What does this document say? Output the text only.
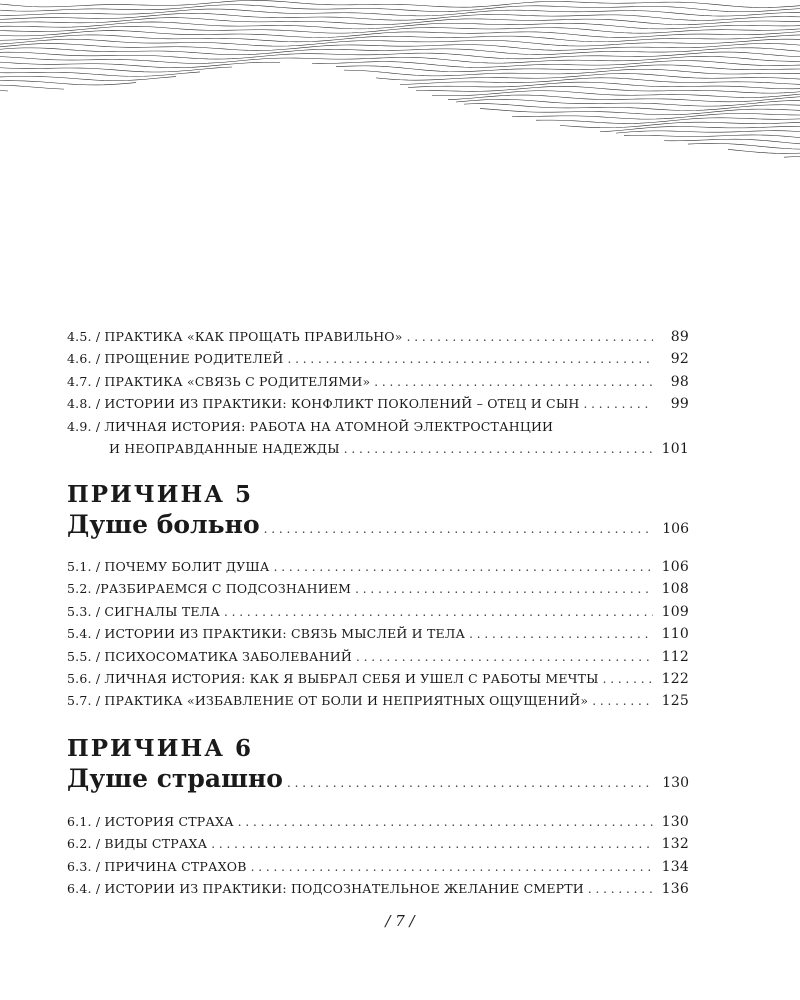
4.5. / ПРАКТИКА «КАК ПРОЩАТЬ ПРАВИЛЬНО» . . .	89
4.6. / ПРОЩЕНИЕ РОДИТЕЛЕЙ . . .	92
4.7. / ПРАКТИКА «СВЯЗЬ С РОДИТЕЛЯМИ» . . .	98
4.8. / ИСТОРИИ ИЗ ПРАКТИКИ: КОНФЛИКТ ПОКОЛЕНИЙ – ОТЕЦ И СЫН . . .	99
4.9. / ЛИЧНАЯ ИСТОРИЯ: РАБОТА НА АТОМНОЙ ЭЛЕКТРОСТАНЦИИ
И НЕОПРАВДАННЫЕ НАДЕЖДЫ . . .	101
ПРИЧИНА 5
Душе больно . . .	106
5.1. / ПОЧЕМУ БОЛИТ ДУША . . .	106
5.2. /РАЗБИРАЕМСЯ С ПОДСОЗНАНИЕМ . . .	108
5.3. / СИГНАЛЫ ТЕЛА . . .	109
5.4. / ИСТОРИИ ИЗ ПРАКТИКИ: СВЯЗЬ МЫСЛЕЙ И ТЕЛА . . .	110
5.5. / ПСИХОСОМАТИКА ЗАБОЛЕВАНИЙ . . .	112
5.6. / ЛИЧНАЯ ИСТОРИЯ: КАК Я ВЫБРАЛ СЕБЯ И УШЕЛ С РАБОТЫ МЕЧТЫ . . .	122
5.7. / ПРАКТИКА «ИЗБАВЛЕНИЕ ОТ БОЛИ И НЕПРИЯТНЫХ ОЩУЩЕНИЙ» . . .	125
ПРИЧИНА 6
Душе страшно . . .	130
6.1. / ИСТОРИЯ СТРАХА . . .	130
6.2. / ВИДЫ СТРАХА . . .	132
6.3. / ПРИЧИНА СТРАХОВ . . .	134
6.4. / ИСТОРИИ ИЗ ПРАКТИКИ: ПОДСОЗНАТЕЛЬНОЕ ЖЕЛАНИЕ СМЕРТИ . . .	136
/ 7 /
